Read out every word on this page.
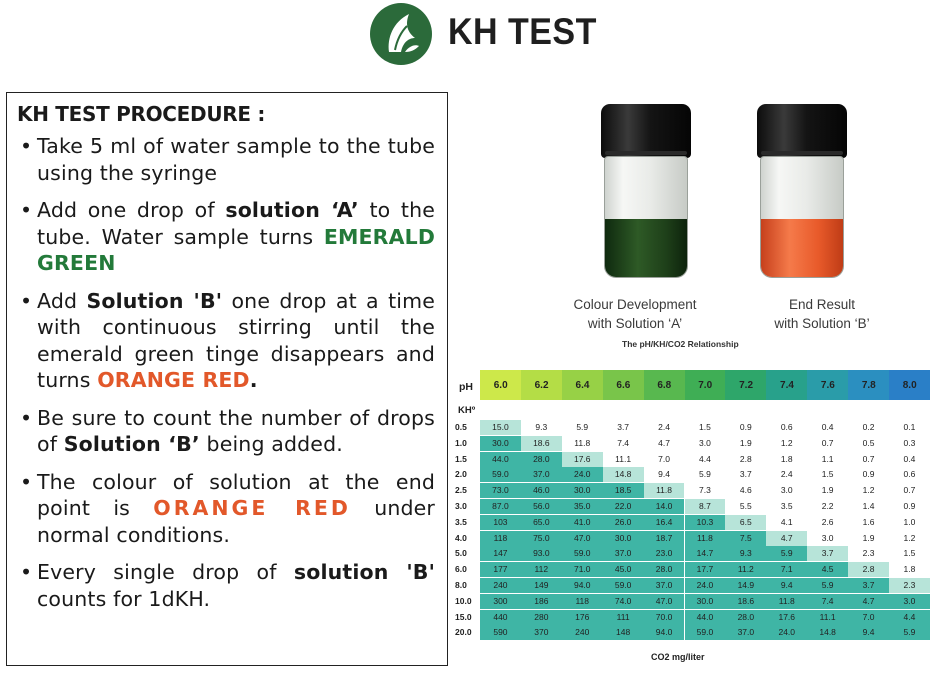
KH TEST
KH TEST PROCEDURE :
• Take 5 ml of water sample to the tube using the syringe
• Add one drop of solution ‘A’ to the tube. Water sample turns EMERALD GREEN
• Add Solution 'B' one drop at a time with continuous stirring until the emerald green tinge disappears and turns ORANGE RED.
• Be sure to count the number of drops of Solution ‘B’ being added.
• The colour of solution at the end point is ORANGE RED under normal conditions.
• Every single drop of solution 'B' counts for 1dKH.
Colour Development
with Solution ‘A’
End Result
with Solution ‘B’
The pH/KH/CO2 Relationship
pH
KHº
6.0	6.2	6.4	6.6	6.8	7.0	7.2	7.4	7.6	7.8	8.0
0.5	15.0	9.3	5.9	3.7	2.4	1.5	0.9	0.6	0.4	0.2	0.1
1.0	30.0	18.6	11.8	7.4	4.7	3.0	1.9	1.2	0.7	0.5	0.3
1.5	44.0	28.0	17.6	11.1	7.0	4.4	2.8	1.8	1.1	0.7	0.4
2.0	59.0	37.0	24.0	14.8	9.4	5.9	3.7	2.4	1.5	0.9	0.6
2.5	73.0	46.0	30.0	18.5	11.8	7.3	4.6	3.0	1.9	1.2	0.7
3.0	87.0	56.0	35.0	22.0	14.0	8.7	5.5	3.5	2.2	1.4	0.9
3.5	103	65.0	41.0	26.0	16.4	10.3	6.5	4.1	2.6	1.6	1.0
4.0	118	75.0	47.0	30.0	18.7	11.8	7.5	4.7	3.0	1.9	1.2
5.0	147	93.0	59.0	37.0	23.0	14.7	9.3	5.9	3.7	2.3	1.5
6.0	177	112	71.0	45.0	28.0	17.7	11.2	7.1	4.5	2.8	1.8
8.0	240	149	94.0	59.0	37.0	24.0	14.9	9.4	5.9	3.7	2.3
10.0	300	186	118	74.0	47.0	30.0	18.6	11.8	7.4	4.7	3.0
15.0	440	280	176	111	70.0	44.0	28.0	17.6	11.1	7.0	4.4
20.0	590	370	240	148	94.0	59.0	37.0	24.0	14.8	9.4	5.9
CO2 mg/liter
